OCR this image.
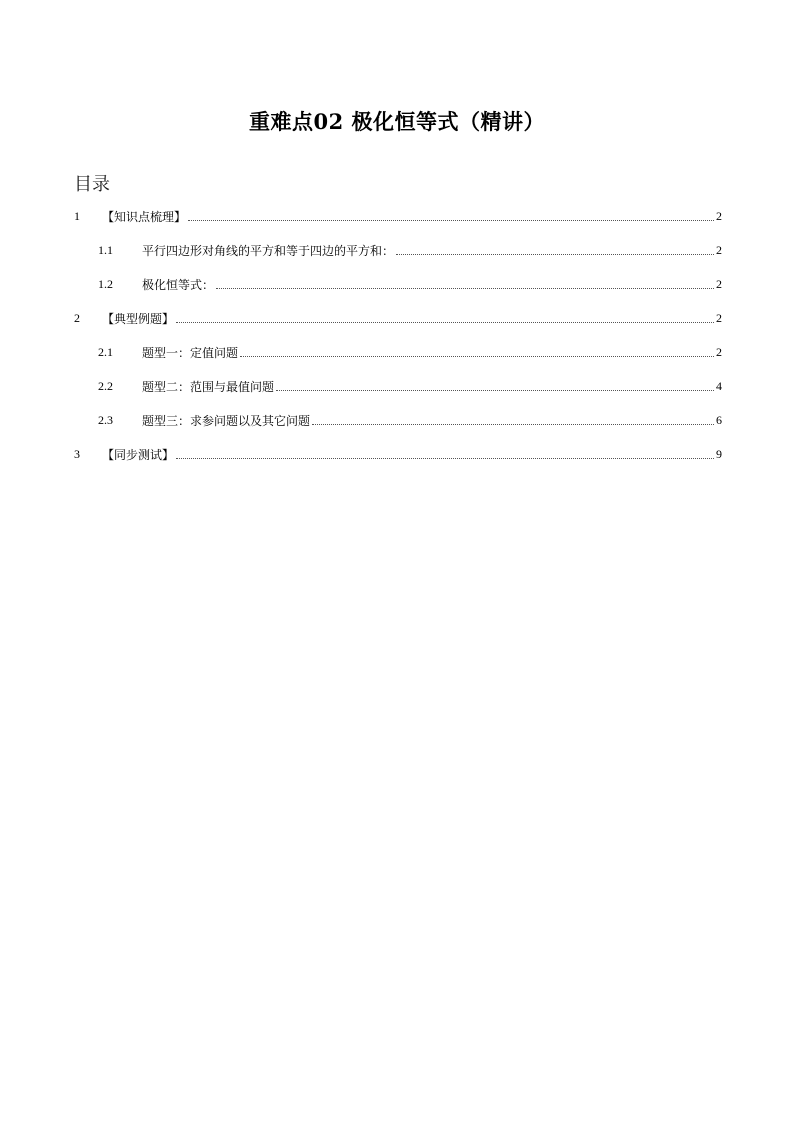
重难点02 极化恒等式（精讲）
目录
1	【知识点梳理】	2
1.1	平行四边形对角线的平方和等于四边的平方和：	2
1.2	极化恒等式：	2
2	【典型例题】	2
2.1	题型一：定值问题	2
2.2	题型二：范围与最值问题	4
2.3	题型三：求参问题以及其它问题	6
3	【同步测试】	9
